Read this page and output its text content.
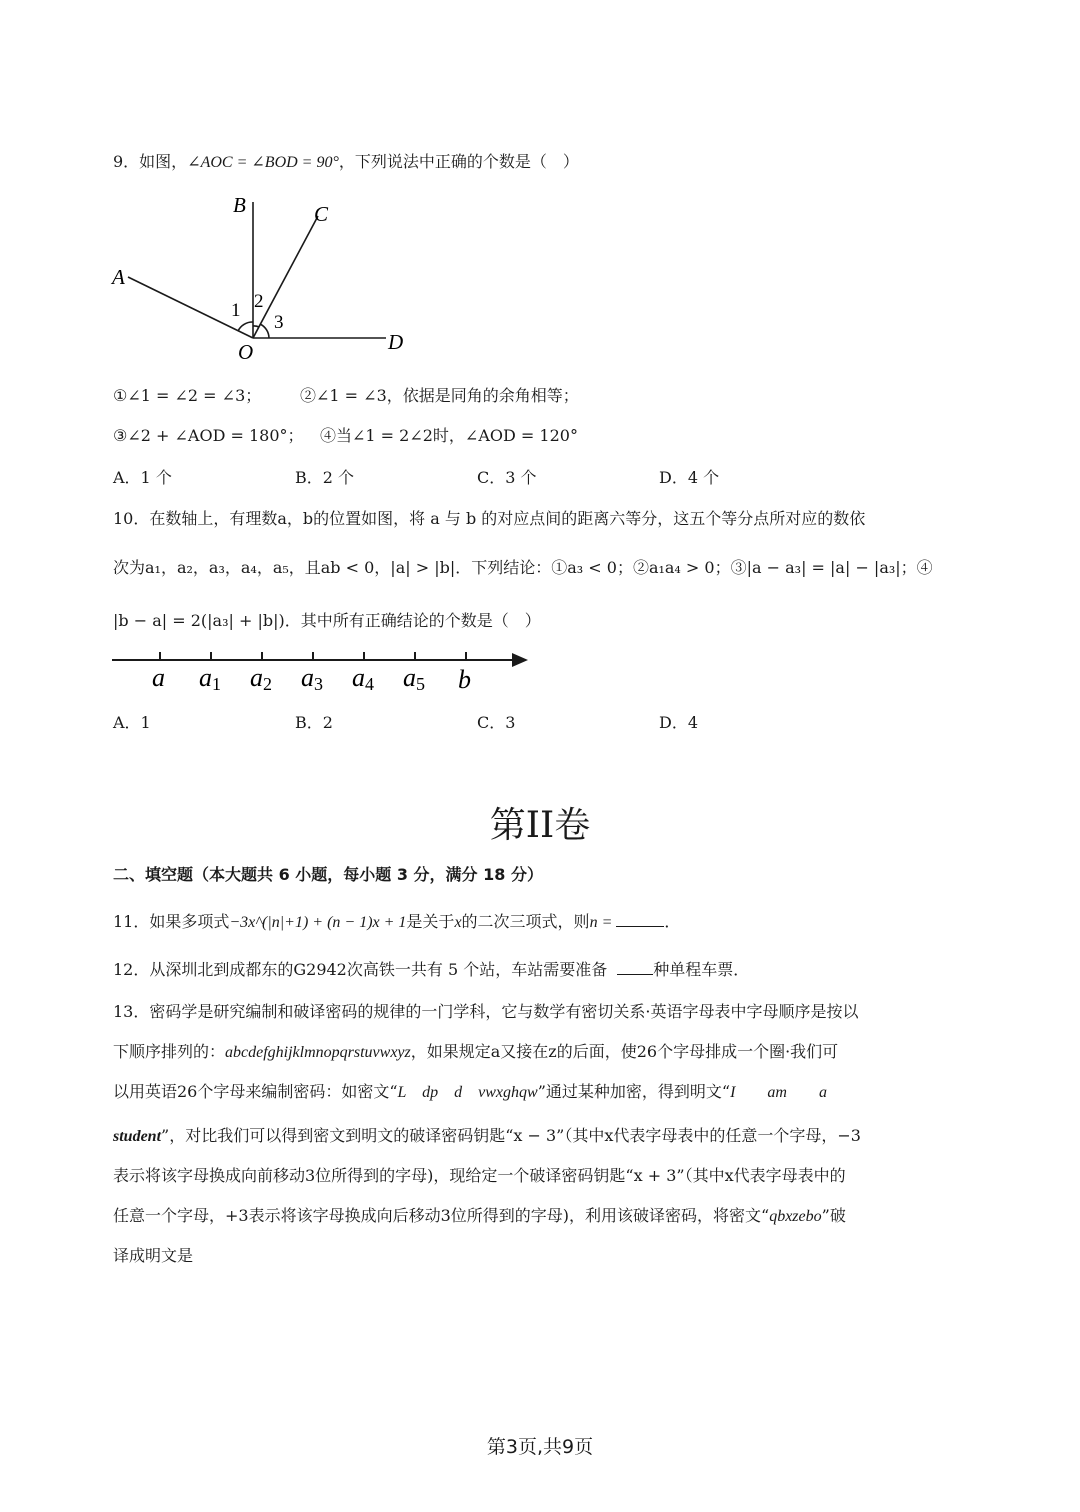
9．如图，∠AOC = ∠BOD = 90°，下列说法中正确的个数是（　）
B	C
A
D
O
1 2
3
①∠1 = ∠2 = ∠3； ②∠1 = ∠3，依据是同角的余角相等；
③∠2 + ∠AOD = 180°； ④当∠1 = 2∠2时，∠AOD = 120°
A．1 个	B．2 个	C．3 个	D．4 个
10．在数轴上，有理数a，b的位置如图，将 a 与 b 的对应点间的距离六等分，这五个等分点所对应的数依
次为a₁，a₂，a₃，a₄，a₅，且ab < 0，|a| > |b|．下列结论：①a₃ < 0；②a₁a₄ > 0；③|a − a₃| = |a| − |a₃|；④
|b − a| = 2(|a₃| + |b|)．其中所有正确结论的个数是（　）
a a1 a2 a3 a4 a5 b
A．1	B．2	C．3	D．4
第II卷
二、填空题（本大题共 6 小题，每小题 3 分，满分 18 分）
11．如果多项式−3x^(|n|+1) + (n − 1)x + 1是关于x的二次三项式，则n =	．
12．从深圳北到成都东的G2942次高铁一共有 5 个站，车站需要准备	种单程车票．
13．密码学是研究编制和破译密码的规律的一门学科，它与数学有密切关系·英语字母表中字母顺序是按以
下顺序排列的：abcdefghijklmnopqrstuvwxyz，如果规定a又接在z的后面，使26个字母排成一个圈·我们可
以用英语26个字母来编制密码：如密文“L　dp　d　vwxghqw”通过某种加密，得到明文“I　　am　　a
student”，对比我们可以得到密文到明文的破译密码钥匙“x − 3”（其中x代表字母表中的任意一个字母，−3
表示将该字母换成向前移动3位所得到的字母)，现给定一个破译密码钥匙“x + 3”（其中x代表字母表中的
任意一个字母，+3表示将该字母换成向后移动3位所得到的字母)，利用该破译密码，将密文“qbxzebo”破
译成明文是
第3页,共9页
